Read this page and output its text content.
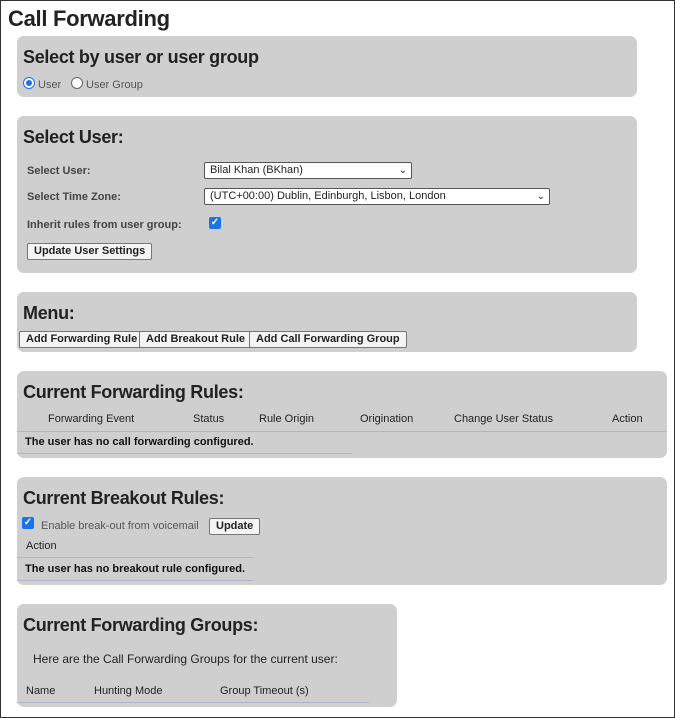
Call Forwarding
Select by user or user group
User User Group
Select User:
Select User:	Bilal Khan (BKhan)	⌄
Select Time Zone:	(UTC+00:00) Dublin, Edinburgh, Lisbon, London	⌄
Inherit rules from user group:	✓
Update User Settings
Menu:
Add Forwarding Rule Add Breakout Rule Add Call Forwarding Group
Current Forwarding Rules:
Forwarding Event	Status	Rule Origin	Origination	Change User Status	Action
The user has no call forwarding configured.
Current Breakout Rules:
✓ Enable break-out from voicemail	Update
Action
The user has no breakout rule configured.
Current Forwarding Groups:
Here are the Call Forwarding Groups for the current user:
Name	Hunting Mode	Group Timeout (s)
